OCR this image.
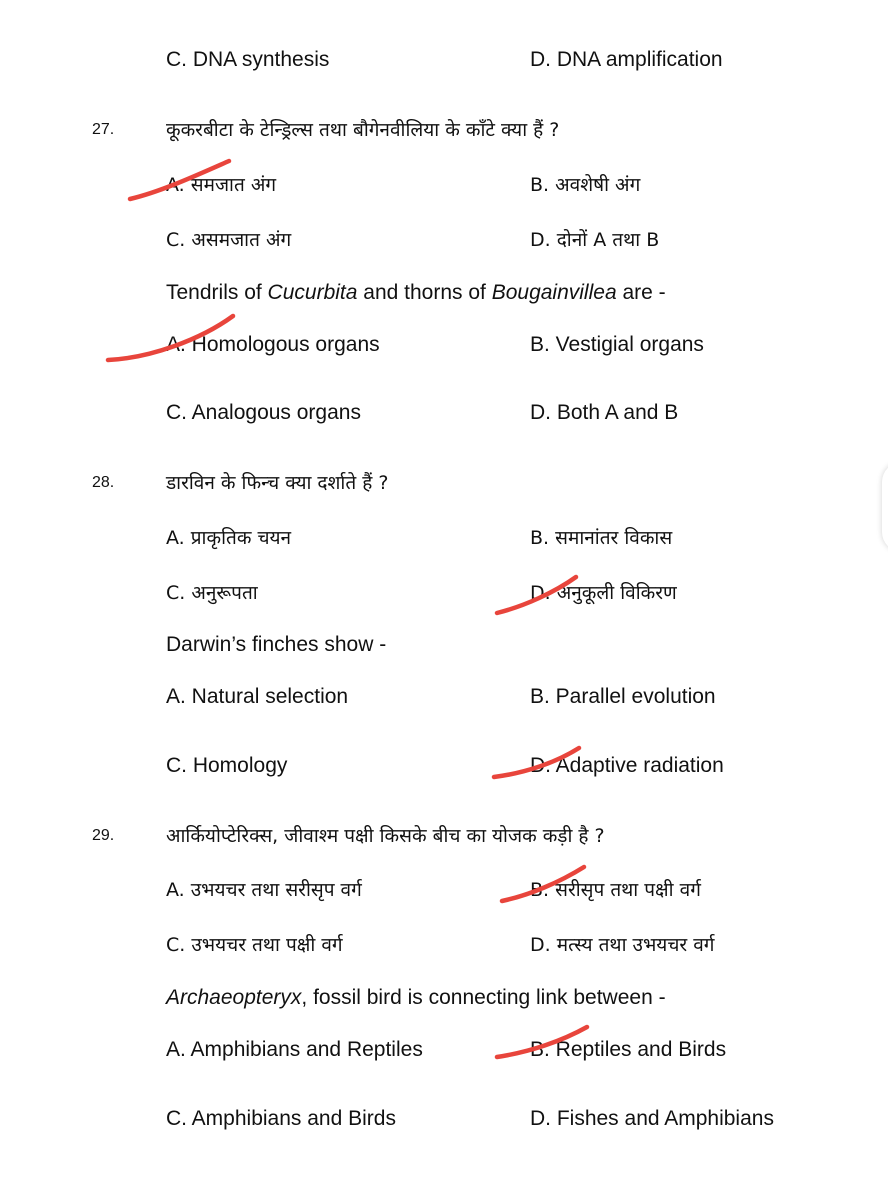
C. DNA synthesis	D. DNA amplification
27.	कूकरबीटा के टेन्ड्रिल्स तथा बौगेनवीलिया के काँटे क्या हैं ?
A. समजात अंग	B. अवशेषी अंग
C. असमजात अंग	D. दोनों A तथा B
Tendrils of Cucurbita and thorns of Bougainvillea are -
A. Homologous organs	B. Vestigial organs
C. Analogous organs	D. Both A and B
28.	डारविन के फिन्च क्या दर्शाते हैं ?
A. प्राकृतिक चयन	B. समानांतर विकास
C. अनुरूपता	D. अनुकूली विकिरण
Darwin’s finches show -
A. Natural selection	B. Parallel evolution
C. Homology	D. Adaptive radiation
29.	आर्कियोप्टेरिक्स, जीवाश्म पक्षी किसके बीच का योजक कड़ी है ?
A. उभयचर तथा सरीसृप वर्ग	B. सरीसृप तथा पक्षी वर्ग
C. उभयचर तथा पक्षी वर्ग	D. मत्स्य तथा उभयचर वर्ग
Archaeopteryx, fossil bird is connecting link between -
A. Amphibians and Reptiles	B. Reptiles and Birds
C. Amphibians and Birds	D. Fishes and Amphibians
